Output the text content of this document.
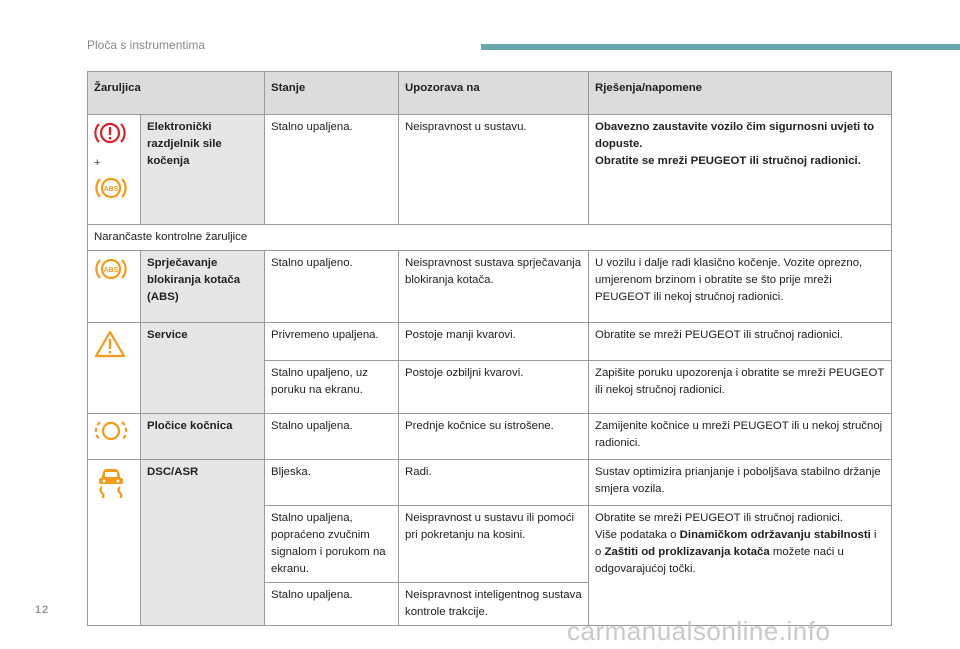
Ploča s instrumentima
Žaruljica		Stanje	Upozorava na	Rješenja/napomene

+
ABS	Elektronički razdjelnik sile kočenja	Stalno upaljena.	Neispravnost u sustavu.	Obavezno zaustavite vozilo čim sigurnosni uvjeti to dopuste.
Obratite se mreži PEUGEOT ili stručnoj radionici.
Narančaste kontrolne žaruljice				

ABS	Sprječavanje blokiranja kotača (ABS)	Stalno upaljeno.	Neispravnost sustava sprječavanja blokiranja kotača.	U vozilu i dalje radi klasično kočenje. Vozite oprezno, umjerenom brzinom i obratite se što prije mreži PEUGEOT ili nekoj stručnoj radionici.
	Service	Privremeno upaljena.	Postoje manji kvarovi.	Obratite se mreži PEUGEOT ili stručnoj radionici.
		Stalno upaljeno, uz poruku na ekranu.	Postoje ozbiljni kvarovi.	Zapišite poruku upozorenja i obratite se mreži PEUGEOT ili nekoj stručnoj radionici.
	Pločice kočnica	Stalno upaljena.	Prednje kočnice su istrošene.	Zamijenite kočnice u mreži PEUGEOT ili u nekoj stručnoj radionici.
	DSC/ASR	Bljeska.	Radi.	Sustav optimizira prianjanje i poboljšava stabilno držanje smjera vozila.
		Stalno upaljena, popraćeno zvučnim signalom i porukom na ekranu.	Neispravnost u sustavu ili pomoći pri pokretanju na kosini.	Obratite se mreži PEUGEOT ili stručnoj radionici.
Više podataka o Dinamičkom održavanju stabilnosti i o Zaštiti od proklizavanja kotača možete naći u odgovarajućoj točki.
		Stalno upaljena.	Neispravnost inteligentnog sustava kontrole trakcije.	
12
carmanualsonline.info
